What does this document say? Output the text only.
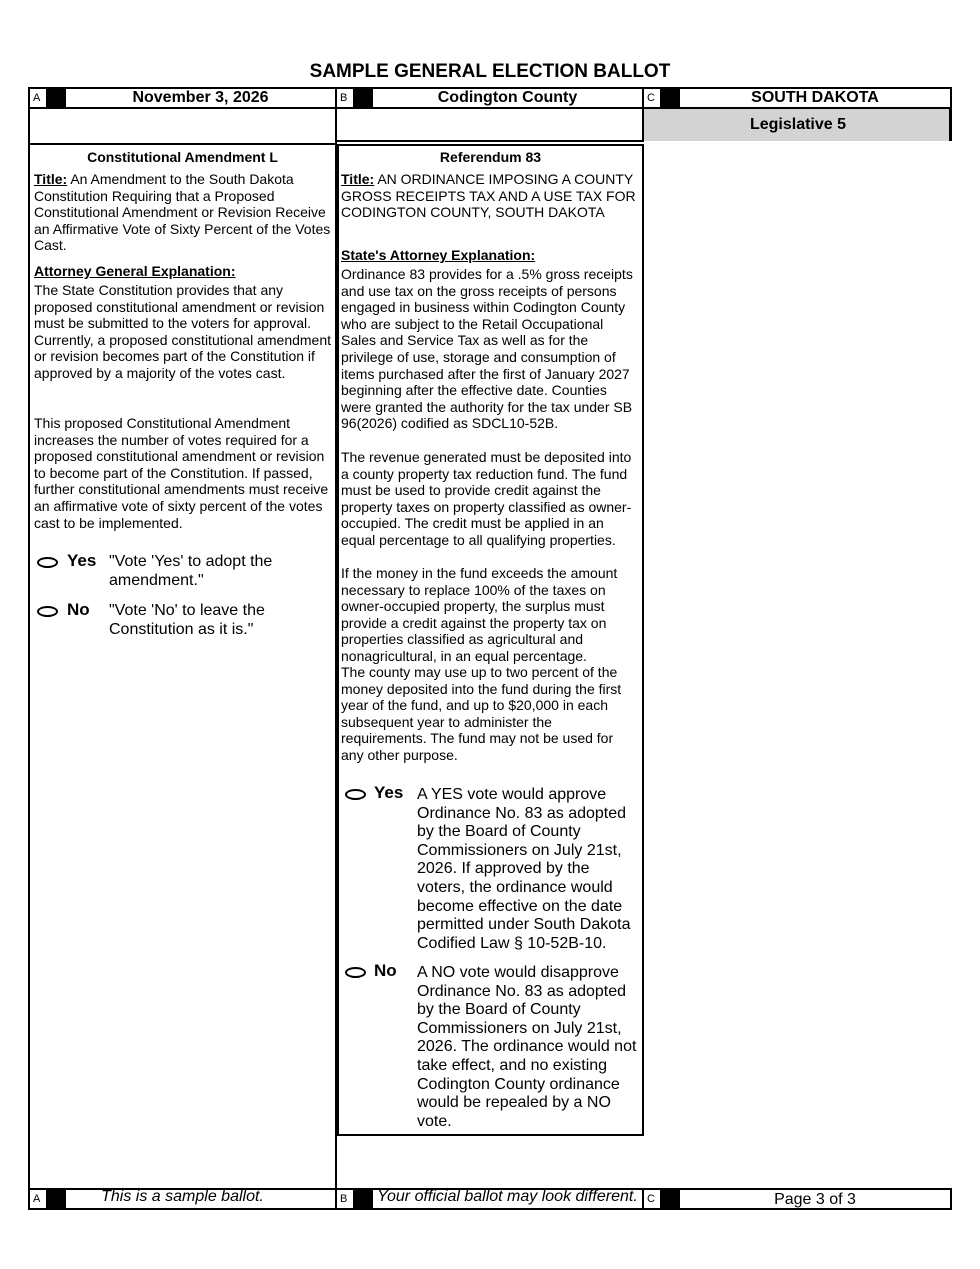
SAMPLE GENERAL ELECTION BALLOT
A	November 3, 2026	B	Codington County	C	SOUTH DAKOTA
Legislative 5
Constitutional Amendment L
Title: An Amendment to the South Dakota Constitution Requiring that a Proposed Constitutional Amendment or Revision Receive an Affirmative Vote of Sixty Percent of the Votes Cast.
Attorney General Explanation:
The State Constitution provides that any proposed constitutional amendment or revision must be submitted to the voters for approval. Currently, a proposed constitutional amendment or revision becomes part of the Constitution if approved by a majority of the votes cast.
This proposed Constitutional Amendment increases the number of votes required for a proposed constitutional amendment or revision to become part of the Constitution. If passed, further constitutional amendments must receive an affirmative vote of sixty percent of the votes cast to be implemented.
Yes "Vote 'Yes' to adopt the amendment."
No "Vote 'No' to leave the Constitution as it is."
Referendum 83
Title: AN ORDINANCE IMPOSING A COUNTY GROSS RECEIPTS TAX AND A USE TAX FOR CODINGTON COUNTY, SOUTH DAKOTA
State's Attorney Explanation:
Ordinance 83 provides for a .5% gross receipts and use tax on the gross receipts of persons engaged in business within Codington County who are subject to the Retail Occupational Sales and Service Tax as well as for the privilege of use, storage and consumption of items purchased after the first of January 2027 beginning after the effective date. Counties were granted the authority for the tax under SB 96(2026) codified as SDCL10-52B.
The revenue generated must be deposited into a county property tax reduction fund. The fund must be used to provide credit against the property taxes on property classified as owner-occupied. The credit must be applied in an equal percentage to all qualifying properties.
If the money in the fund exceeds the amount necessary to replace 100% of the taxes on owner-occupied property, the surplus must provide a credit against the property tax on properties classified as agricultural and nonagricultural, in an equal percentage.
The county may use up to two percent of the money deposited into the fund during the first year of the fund, and up to $20,000 in each subsequent year to administer the requirements. The fund may not be used for any other purpose.
Yes A YES vote would approve Ordinance No. 83 as adopted by the Board of County Commissioners on July 21st, 2026. If approved by the voters, the ordinance would become effective on the date permitted under South Dakota Codified Law § 10-52B-10.
No A NO vote would disapprove Ordinance No. 83 as adopted by the Board of County Commissioners on July 21st, 2026. The ordinance would not take effect, and no existing Codington County ordinance would be repealed by a NO vote.
A	This is a sample ballot.	B	Your official ballot may look different. C	Page 3 of 3
